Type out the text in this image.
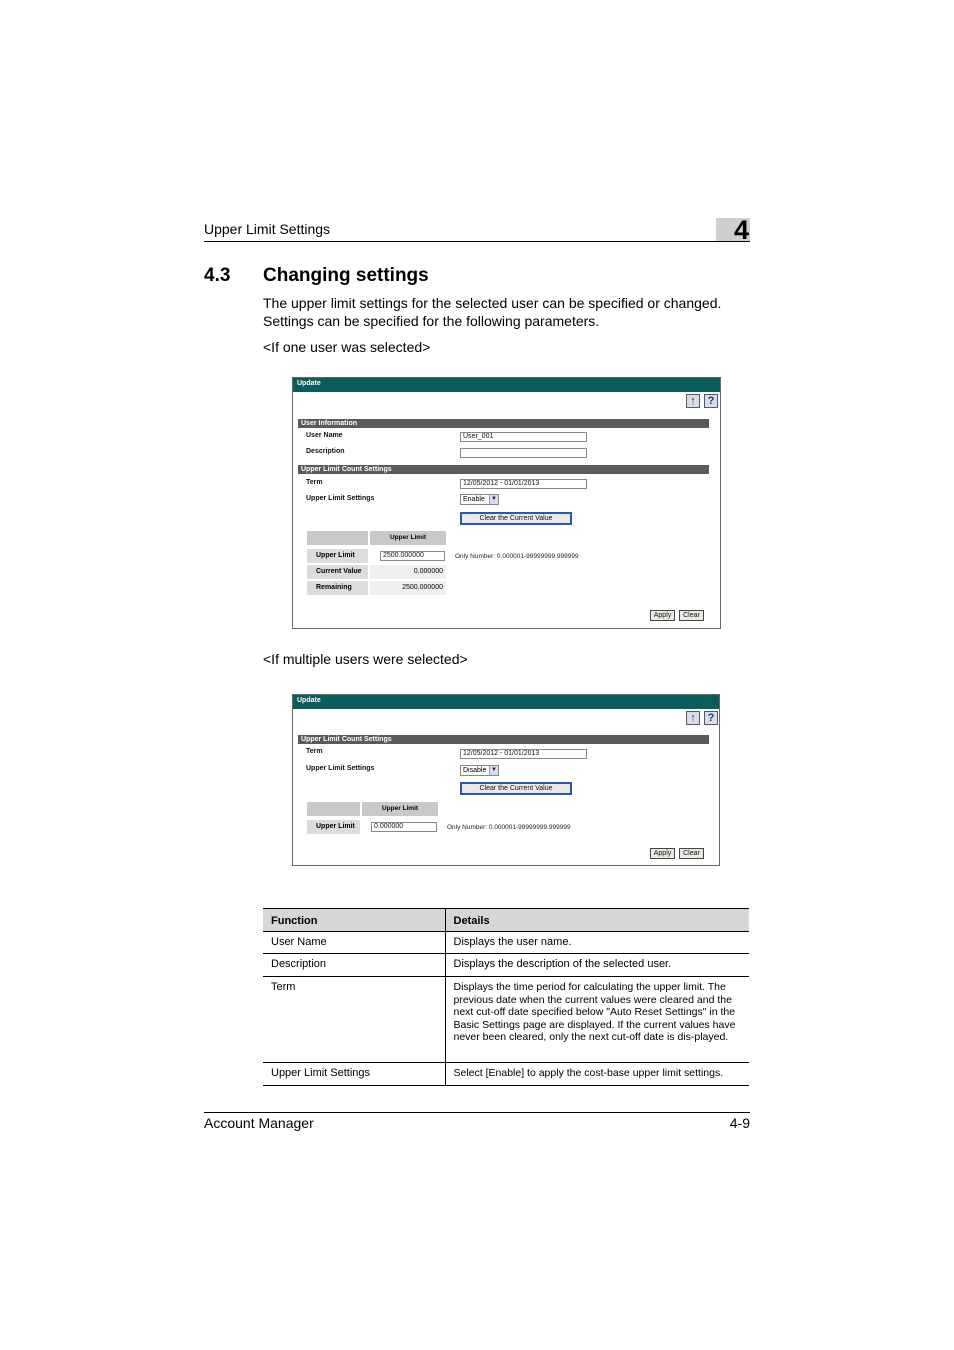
Upper Limit Settings	4
4.3 Changing settings
The upper limit settings for the selected user can be specified or changed.
Settings can be specified for the following parameters.
<If one user was selected>
Update
↑	?
User Information
User Name	User_001
Description
Upper Limit Count Settings
Term	12/05/2012 - 01/01/2013
Upper Limit Settings	Enable	▼
Clear the Current Value
Upper Limit
Upper Limit	2500.000000	Only Number: 0.000001-99999999.999999
Current Value	0.000000
Remaining	2500.000000
Apply	Clear
<If multiple users were selected>
Update
↑	?
Upper Limit Count Settings
Term	12/05/2012 - 01/01/2013
Upper Limit Settings	Disable ▼
Clear the Current Value
Upper Limit
Upper Limit	0.000000	Only Number: 0.000001-99999999.999999
Apply	Clear
Function	Details
User Name	Displays the user name.
Description	Displays the description of the selected user.
Term	Displays the time period for calculating the upper limit. The previous date when the current values were cleared and the next cut-off date specified below "Auto Reset Settings" in the Basic Settings page are displayed. If the current values have never been cleared, only the next cut-off date is dis-played.
Upper Limit Settings	Select [Enable] to apply the cost-base upper limit settings.
Account Manager	4-9
